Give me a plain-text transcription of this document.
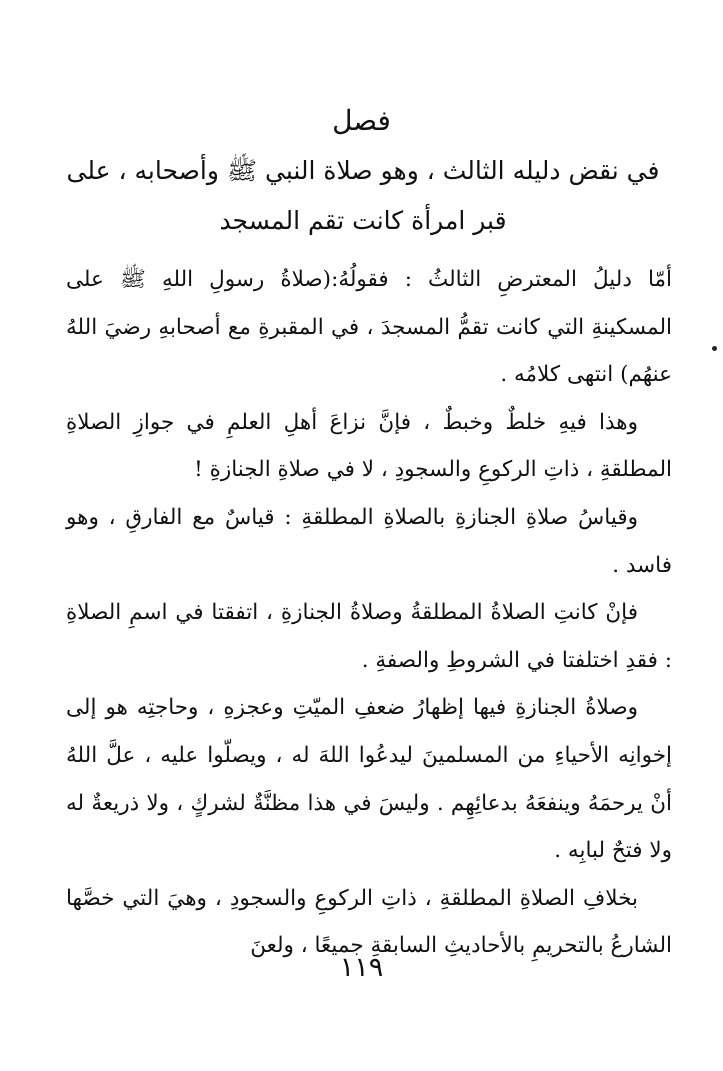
فصل
في نقض دليله الثالث ، وهو صلاة النبي ﷺ وأصحابه ، على قبر امرأة كانت تقم المسجد

أمّا دليلُ المعترضِ الثالثُ : فقولُهُ:(صلاةُ رسولِ اللهِ ﷺ على المسكينةِ التي كانت تقمُّ المسجدَ ، في المقبرةِ مع أصحابهِ رضيَ اللهُ عنهُم) انتهى كلامُه .

وهذا فيهِ خلطٌ وخبطٌ ، فإنَّ نزاعَ أهلِ العلمِ في جوازِ الصلاةِ المطلقةِ ، ذاتِ الركوعِ والسجودِ ، لا في صلاةِ الجنازةِ !

وقياسُ صلاةِ الجنازةِ بالصلاةِ المطلقةِ : قياسٌ مع الفارقِ ، وهو فاسد .

فإنْ كانتِ الصلاةُ المطلقةُ وصلاةُ الجنازةِ ، اتفقتا في اسمِ الصلاةِ : فقدِ اختلفتا في الشروطِ والصفةِ .

وصلاةُ الجنازةِ فيها إظهارُ ضعفِ الميّتِ وعجزهِ ، وحاجتِه هو إلى إخوانِه الأحياءِ من المسلمينَ ليدعُوا اللهَ له ، ويصلّوا عليه ، علَّ اللهُ أنْ يرحمَهُ وينفعَهُ بدعائِهِم . وليسَ في هذا مظنَّةٌ لشركٍ ، ولا ذريعةٌ له ولا فتحٌ لبابِه .

بخلافِ الصلاةِ المطلقةِ ، ذاتِ الركوعِ والسجودِ ، وهيَ التي خصَّها الشارعُ بالتحريمِ بالأحاديثِ السابقةِ جميعًا ، ولعنَ

١١٩
